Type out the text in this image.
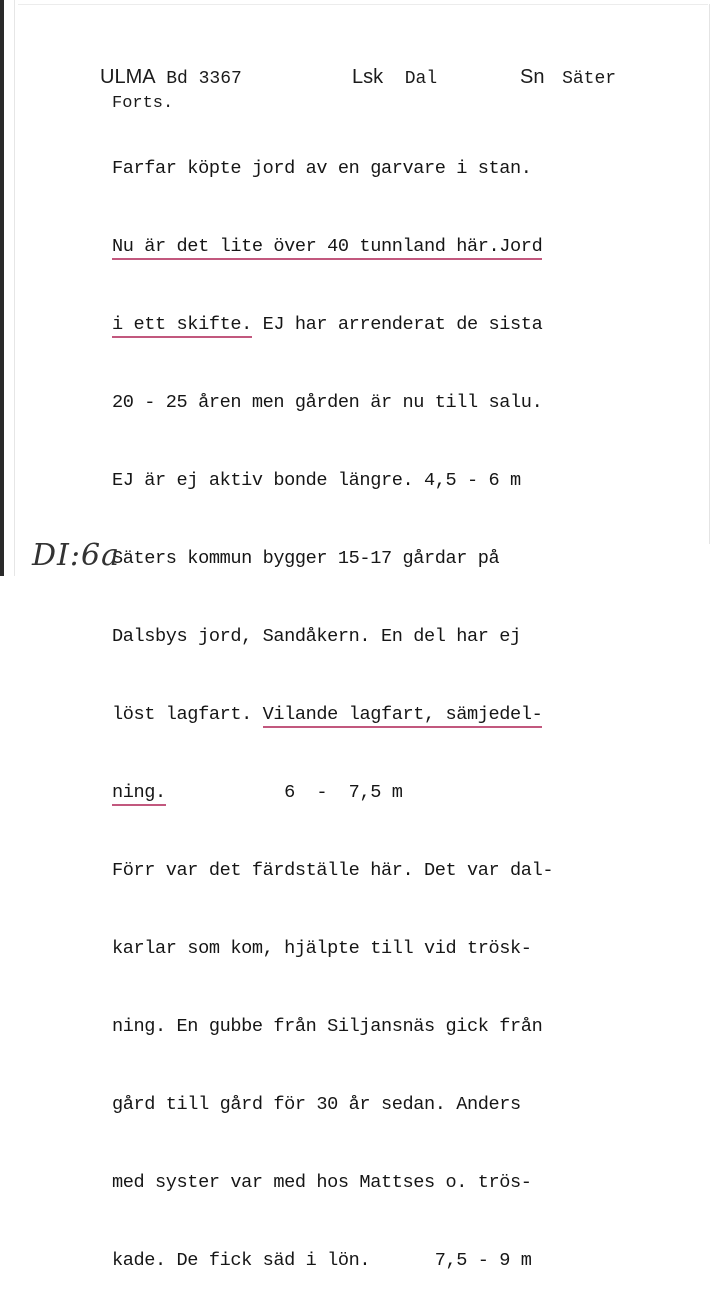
ULMA Bd 3367	Lsk Dal	Sn Säter
Forts.

Farfar köpte jord av en garvare i stan.

Nu är det lite över 40 tunnland här.Jord

i ett skifte. EJ har arrenderat de sista

20 - 25 åren men gården är nu till salu.

EJ är ej aktiv bonde längre. 4,5 - 6 m

Säters kommun bygger 15-17 gårdar på

Dalsbys jord, Sandåkern. En del har ej

löst lagfart. Vilande lagfart, sämjedel-

ning.           6  -  7,5 m

Förr var det färdställe här. Det var dal-

karlar som kom, hjälpte till vid trösk-

ning. En gubbe från Siljansnäs gick från

gård till gård för 30 år sedan. Anders

med syster var med hos Mattses o. trös-

kade. De fick säd i lön.      7,5 - 9 m

DI:6a
